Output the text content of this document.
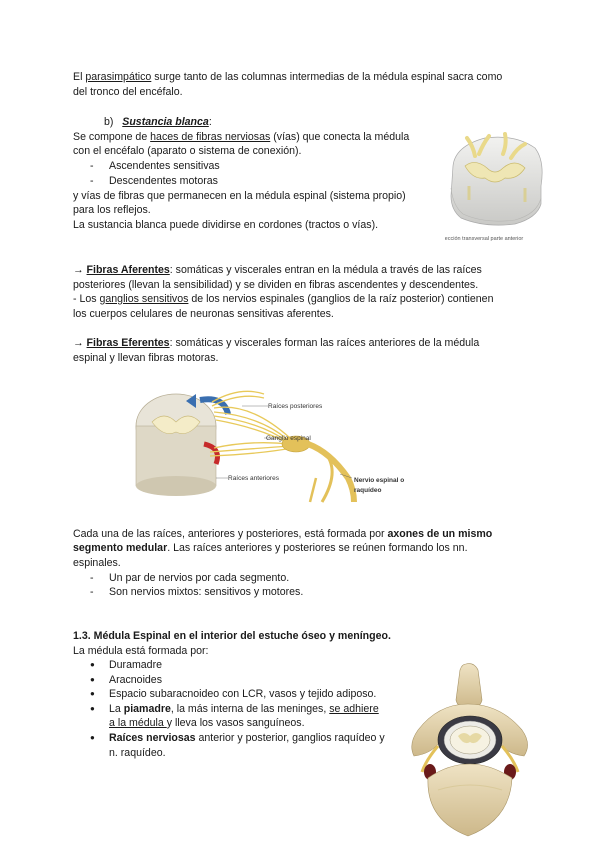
El parasimpático surge tanto de las columnas intermedias de la médula espinal sacra como
del tronco del encéfalo.
b) Sustancia blanca:
Se compone de haces de fibras nerviosas (vías) que conecta la médula
con el encéfalo (aparato o sistema de conexión).
- Ascendentes sensitivas
- Descendentes motoras
y vías de fibras que permanecen en la médula espinal (sistema propio)
para los reflejos.
La sustancia blanca puede dividirse en cordones (tractos o vías).
Sección transversal parte anterior
→ Fibras Aferentes: somáticas y viscerales entran en la médula a través de las raíces
posteriores (llevan la sensibilidad) y se dividen en fibras ascendentes y descendentes.
- Los ganglios sensitivos de los nervios espinales (ganglios de la raíz posterior) contienen
los cuerpos celulares de neuronas sensitivas aferentes.
→ Fibras Eferentes: somáticas y viscerales forman las raíces anteriores de la médula
espinal y llevan fibras motoras.
Raíces posteriores
Ganglio espinal
Raíces anteriores	Nervio espinal o
raquídeo
Cada una de las raíces, anteriores y posteriores, está formada por axones de un mismo
segmento medular. Las raíces anteriores y posteriores se reúnen formando los nn.
espinales.
- Un par de nervios por cada segmento.
- Son nervios mixtos: sensitivos y motores.
1.3. Médula Espinal en el interior del estuche óseo y meníngeo.
La médula está formada por:
● Duramadre
● Aracnoides
● Espacio subaracnoideo con LCR, vasos y tejido adiposo.
● La piamadre, la más interna de las meninges, se adhiere
a la médula y lleva los vasos sanguíneos.
● Raíces nerviosas anterior y posterior, ganglios raquídeo y
n. raquídeo.
